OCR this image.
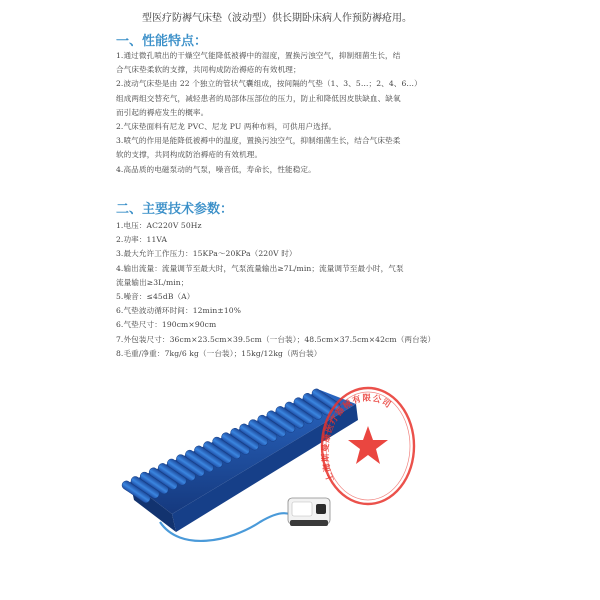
型医疗防褥气床垫（波动型）供长期卧床病人作预防褥疮用。
一、性能特点：
1.通过微孔喷出的干燥空气能降低被褥中的湿度，置换污浊空气，抑制细菌生长，结
合气床垫柔软的支撑，共同构成防治褥疮的有效机理；
2.波动气床垫是由 22 个独立的管状气囊组成，按间隔的气垫（1、3、5…；2、4、6…）
组成两组交替充气，减轻患者的局部体压部位的压力，防止和降低因皮肤缺血、缺氧
而引起的褥疮发生的概率。
2.气床垫面料有尼龙 PVC、尼龙 PU 两种布料，可供用户选择。
3.喷气的作用是能降低被褥中的温度，置换污浊空气，抑制细菌生长，结合气床垫柔
软的支撑，共同构成防治褥疮的有效机理。
4.高品质的电磁泵动的气泵，噪音低，寿命长，性能稳定。
二、主要技术参数：
1.电压：AC220V 50Hz
2.功率：11VA
3.最大允许工作压力：15KPa～20KPa（220V 时）
4.输出流量：流量调节至最大时，气泵流量输出≥7L/min；流量调节至最小时，气泵
流量输出≥3L/min；
5.噪音：≤45dB（A）
6.气垫波动循环时间：12min±10%
6.气垫尺寸：190cm×90cm
7.外包装尺寸：36cm×23.5cm×39.5cm（一台装）；48.5cm×37.5cm×42cm（两台装）
8.毛重/净重：7kg/6 kg（一台装）；15kg/12kg（两台装）
上海斯曼康医疗器械有限公司
